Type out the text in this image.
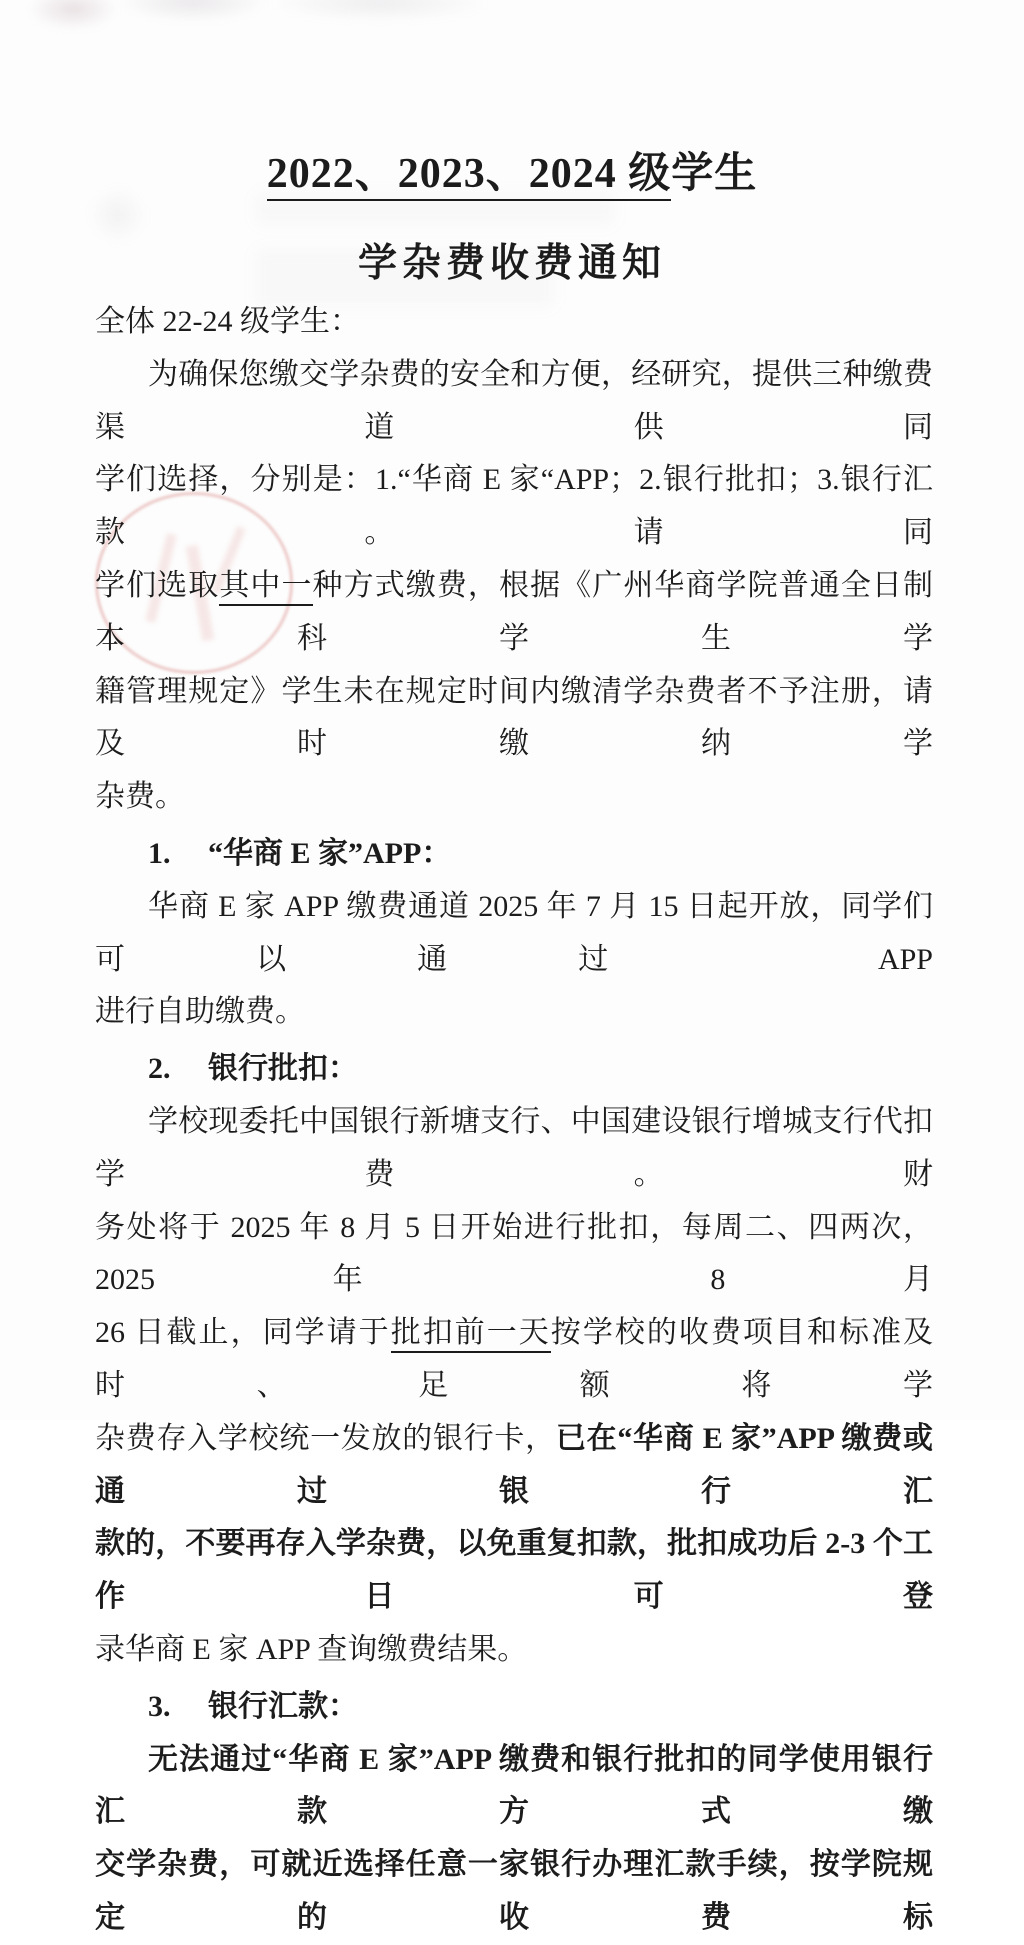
2022、2023、2024 级学生
学杂费收费通知
全体 22-24 级学生：
为确保您缴交学杂费的安全和方便，经研究，提供三种缴费渠道供同
学们选择，分别是：1.“华商 E 家“APP；2.银行批扣；3.银行汇款。请同
学们选取其中一种方式缴费，根据《广州华商学院普通全日制本科学生学
籍管理规定》学生未在规定时间内缴清学杂费者不予注册，请及时缴纳学
杂费。
1.　 “华商 E 家”APP：
华商 E 家 APP 缴费通道 2025 年 7 月 15 日起开放，同学们可以通过 APP
进行自助缴费。
2.　 银行批扣：
学校现委托中国银行新塘支行、中国建设银行增城支行代扣学费。财
务处将于 2025 年 8 月 5 日开始进行批扣，每周二、四两次，2025 年 8 月
26 日截止，同学请于批扣前一天按学校的收费项目和标准及时、足额将学
杂费存入学校统一发放的银行卡，已在“华商 E 家”APP 缴费或通过银行汇
款的，不要再存入学杂费，以免重复扣款，批扣成功后 2-3 个工作日可登
录华商 E 家 APP 查询缴费结果。
3.　 银行汇款：
无法通过“华商 E 家”APP 缴费和银行批扣的同学使用银行汇款方式缴
交学杂费，可就近选择任意一家银行办理汇款手续，按学院规定的收费标
